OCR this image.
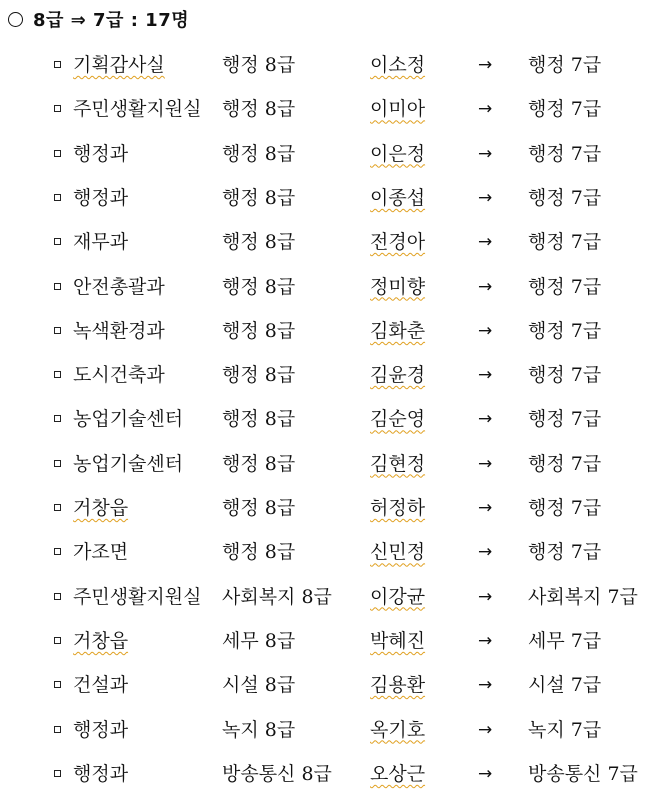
8급 ⇒ 7급 : 17명
기획감사실	행정 8급	이소정	→ 행정 7급
주민생활지원실 행정 8급	이미아	→ 행정 7급
행정과	행정 8급	이은정	→ 행정 7급
행정과	행정 8급	이종섭	→ 행정 7급
재무과	행정 8급	전경아	→ 행정 7급
안전총괄과	행정 8급	정미향	→ 행정 7급
녹색환경과	행정 8급	김화춘	→ 행정 7급
도시건축과	행정 8급	김윤경	→ 행정 7급
농업기술센터 행정 8급	김순영	→ 행정 7급
농업기술센터 행정 8급	김현정	→ 행정 7급
거창읍	행정 8급	허정하	→ 행정 7급
가조면	행정 8급	신민정	→ 행정 7급
주민생활지원실 사회복지 8급 이강균	→ 사회복지 7급
거창읍	세무 8급	박혜진	→ 세무 7급
건설과	시설 8급	김용환	→ 시설 7급
행정과	녹지 8급	옥기호	→ 녹지 7급
행정과	방송통신 8급 오상근	→ 방송통신 7급
